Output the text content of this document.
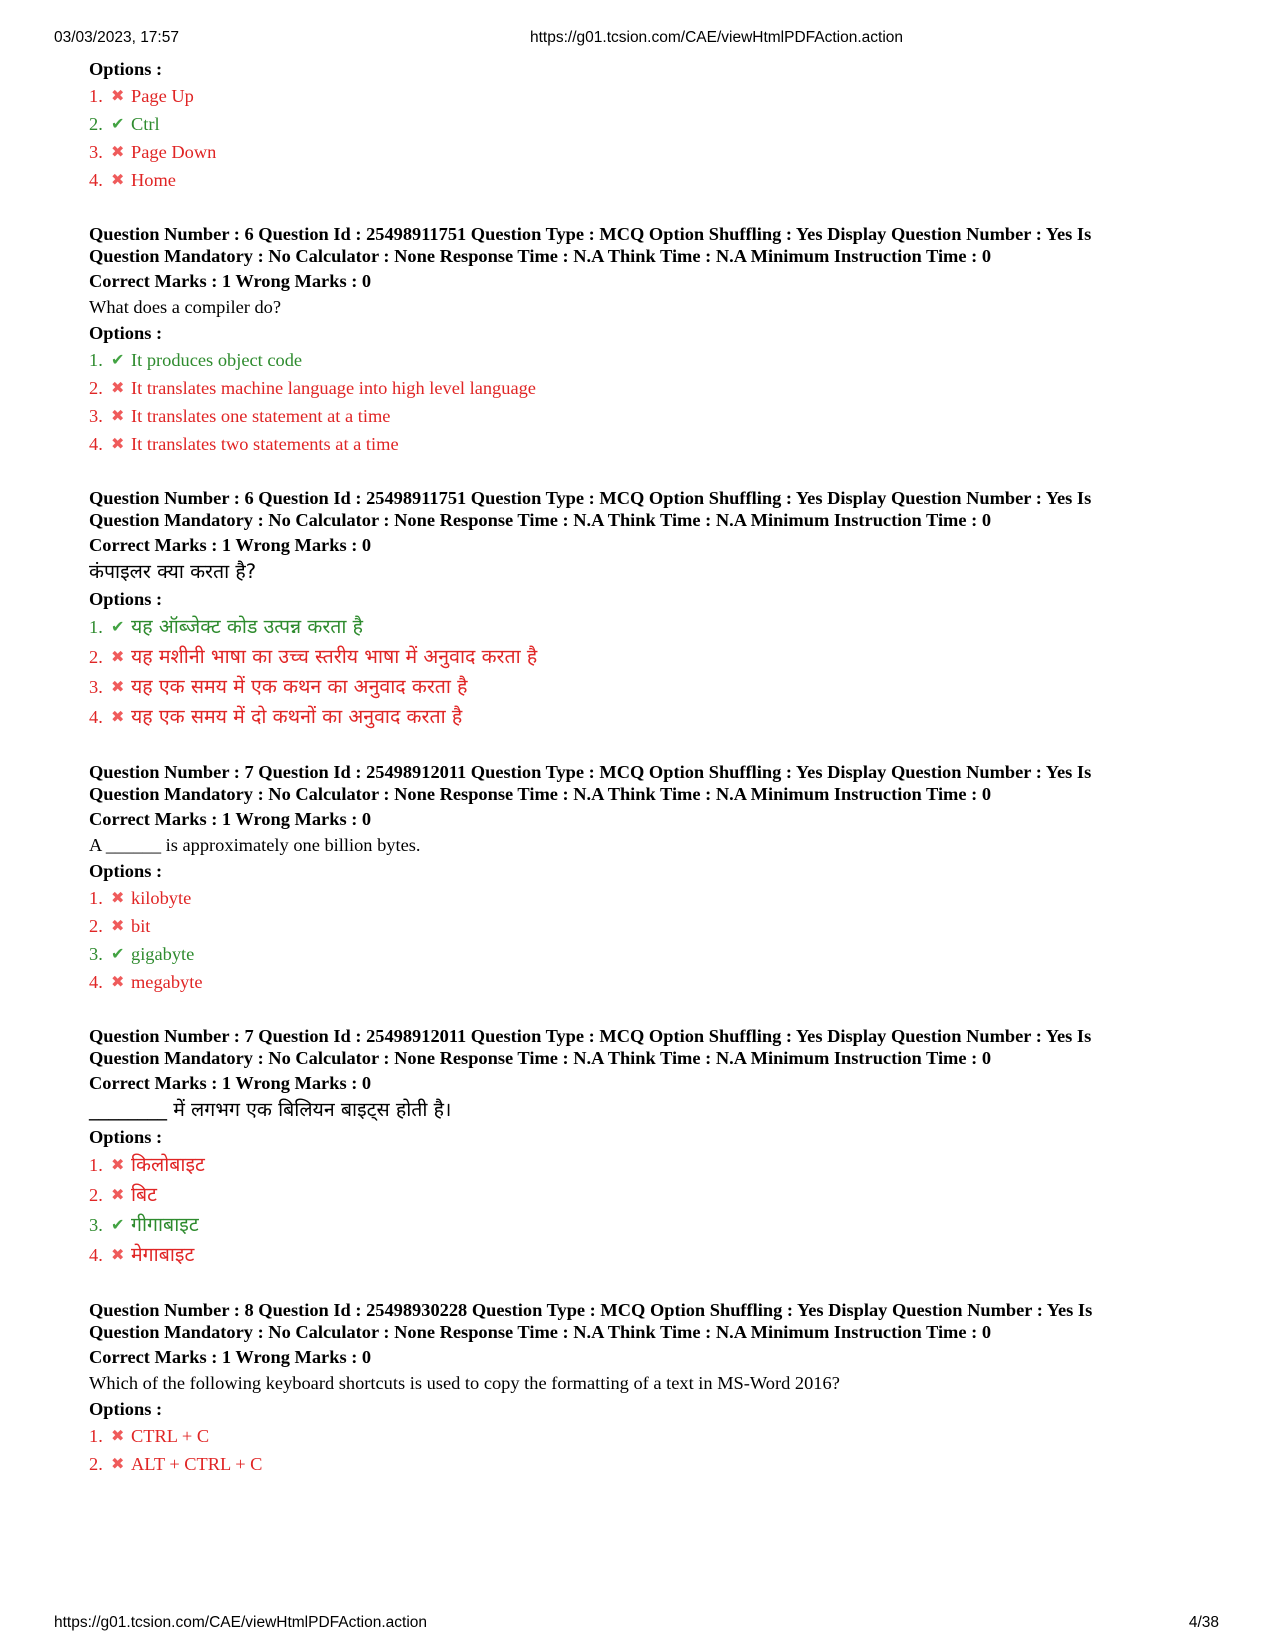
03/03/2023, 17:57	https://g01.tcsion.com/CAE/viewHtmlPDFAction.action

Options :

1. ✖ Page Up
2. ✔ Ctrl
3. ✖ Page Down
4. ✖ Home

Question Number : 6 Question Id : 25498911751 Question Type : MCQ Option Shuffling : Yes Display Question Number : Yes Is

Question Mandatory : No Calculator : None Response Time : N.A Think Time : N.A Minimum Instruction Time : 0

Correct Marks : 1 Wrong Marks : 0

What does a compiler do?

Options :

1. ✔ It produces object code
2. ✖ It translates machine language into high level language
3. ✖ It translates one statement at a time
4. ✖ It translates two statements at a time

Question Number : 6 Question Id : 25498911751 Question Type : MCQ Option Shuffling : Yes Display Question Number : Yes Is

Question Mandatory : No Calculator : None Response Time : N.A Think Time : N.A Minimum Instruction Time : 0

Correct Marks : 1 Wrong Marks : 0

कंपाइलर क्या करता है?

Options :

1. ✔ यह ऑब्जेक्ट कोड उत्पन्न करता है
2. ✖ यह मशीनी भाषा का उच्च स्तरीय भाषा में अनुवाद करता है
3. ✖ यह एक समय में एक कथन का अनुवाद करता है
4. ✖ यह एक समय में दो कथनों का अनुवाद करता है

Question Number : 7 Question Id : 25498912011 Question Type : MCQ Option Shuffling : Yes Display Question Number : Yes Is

Question Mandatory : No Calculator : None Response Time : N.A Think Time : N.A Minimum Instruction Time : 0

Correct Marks : 1 Wrong Marks : 0

A ______ is approximately one billion bytes.

Options :

1. ✖ kilobyte
2. ✖ bit
3. ✔ gigabyte
4. ✖ megabyte

Question Number : 7 Question Id : 25498912011 Question Type : MCQ Option Shuffling : Yes Display Question Number : Yes Is

Question Mandatory : No Calculator : None Response Time : N.A Think Time : N.A Minimum Instruction Time : 0

Correct Marks : 1 Wrong Marks : 0

________ में लगभग एक बिलियन बाइट्स होती है।

Options :

1. ✖ किलोबाइट
2. ✖ बिट
3. ✔ गीगाबाइट
4. ✖ मेगाबाइट

Question Number : 8 Question Id : 25498930228 Question Type : MCQ Option Shuffling : Yes Display Question Number : Yes Is

Question Mandatory : No Calculator : None Response Time : N.A Think Time : N.A Minimum Instruction Time : 0

Correct Marks : 1 Wrong Marks : 0

Which of the following keyboard shortcuts is used to copy the formatting of a text in MS-Word 2016?

Options :

1. ✖ CTRL + C
2. ✖ ALT + CTRL + C
https://g01.tcsion.com/CAE/viewHtmlPDFAction.action	4/38
